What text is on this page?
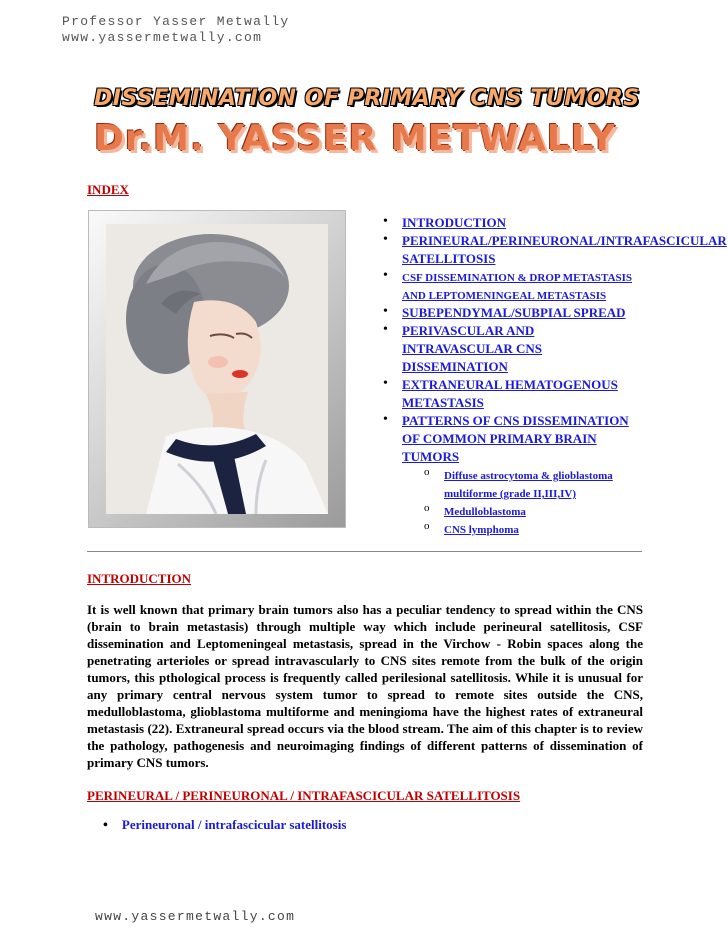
Professor Yasser Metwally
www.yassermetwally.com
DISSEMINATION OF PRIMARY CNS TUMORS
Dr.M. YASSER METWALLY
INDEX
• INTRODUCTION
• PERINEURAL/PERINEURONAL/INTRAFASCICULAR SATELLITOSIS
• CSF DISSEMINATION & DROP METASTASIS AND LEPTOMENINGEAL METASTASIS
• SUBEPENDYMAL/SUBPIAL SPREAD
• PERIVASCULAR AND INTRAVASCULAR CNS DISSEMINATION
• EXTRANEURAL HEMATOGENOUS METASTASIS
• PATTERNS OF CNS DISSEMINATION OF COMMON PRIMARY BRAIN TUMORS
o Diffuse astrocytoma & glioblastoma multiforme (grade II,III,IV)
o Medulloblastoma
o CNS lymphoma
INTRODUCTION

It is well known that primary brain tumors also has a peculiar tendency to spread within the CNS (brain to brain metastasis) through multiple way which include perineural satellitosis, CSF dissemination and Leptomeningeal metastasis, spread in the Virchow - Robin spaces along the penetrating arterioles or spread intravascularly to CNS sites remote from the bulk of the origin tumors, this pthological process is frequently called perilesional satellitosis. While it is unusual for any primary central nervous system tumor to spread to remote sites outside the CNS, medulloblastoma, glioblastoma multiforme and meningioma have the highest rates of extraneural metastasis (22). Extraneural spread occurs via the blood stream. The aim of this chapter is to review the pathology, pathogenesis and neuroimaging findings of different patterns of dissemination of primary CNS tumors.

PERINEURAL / PERINEURONAL / INTRAFASCICULAR SATELLITOSIS
• Perineuronal / intrafascicular satellitosis
www.yassermetwally.com
